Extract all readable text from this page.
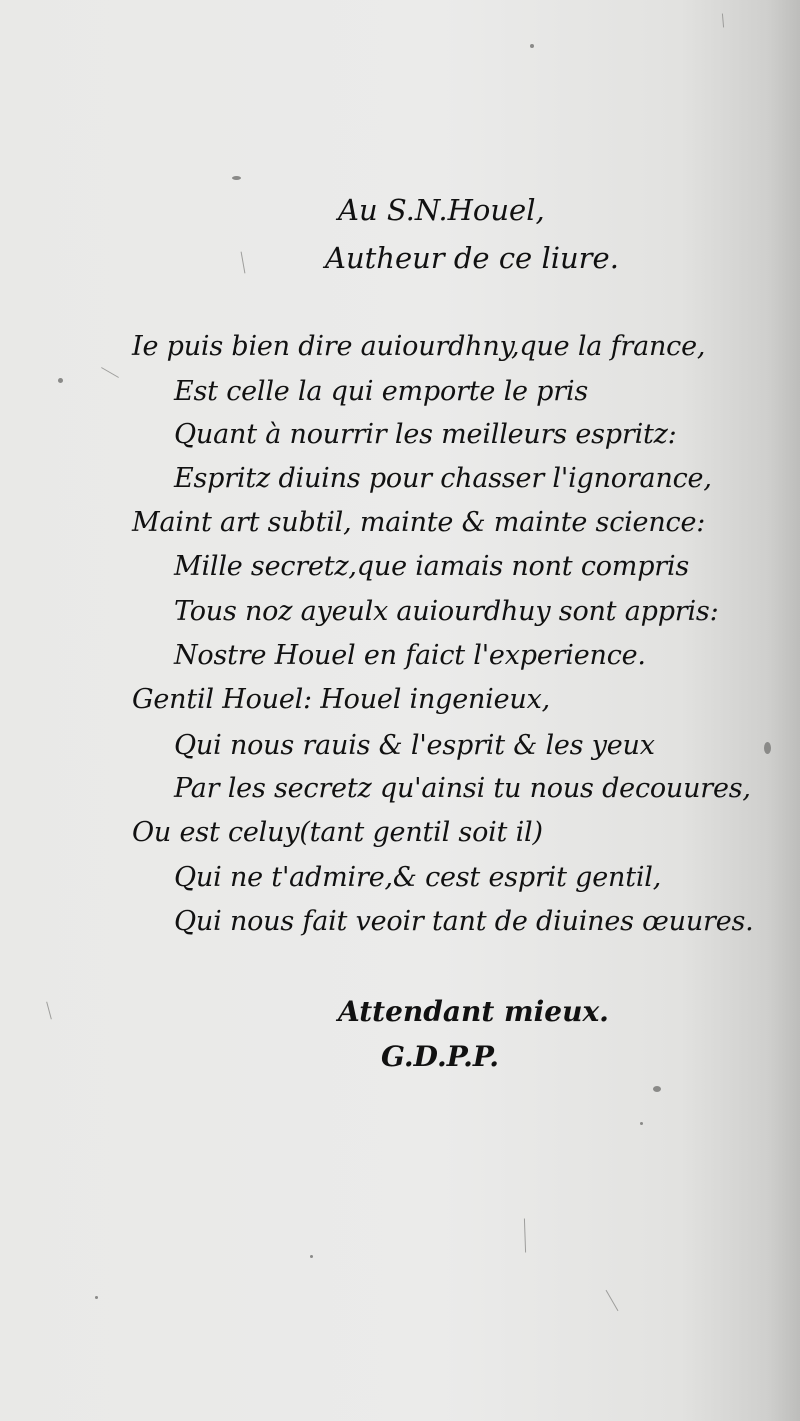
Au S.N.Houel,
Autheur de ce liure.
Ie puis bien dire auiourdhny,que la france,
Est celle la qui emporte le pris
Quant à nourrir les meilleurs espritz:
Espritz diuins pour chasser l'ignorance,
Maint art subtil, mainte & mainte science:
Mille secretz,que iamais nont compris
Tous noz ayeulx auiourdhuy sont appris:
Nostre Houel en faict l'experience.
Gentil Houel: Houel ingenieux,
Qui nous rauis & l'esprit & les yeux
Par les secretz qu'ainsi tu nous decouures,
Ou est celuy(tant gentil soit il)
Qui ne t'admire,& cest esprit gentil,
Qui nous fait veoir tant de diuines œuures.
Attendant mieux.
G.D.P.P.
